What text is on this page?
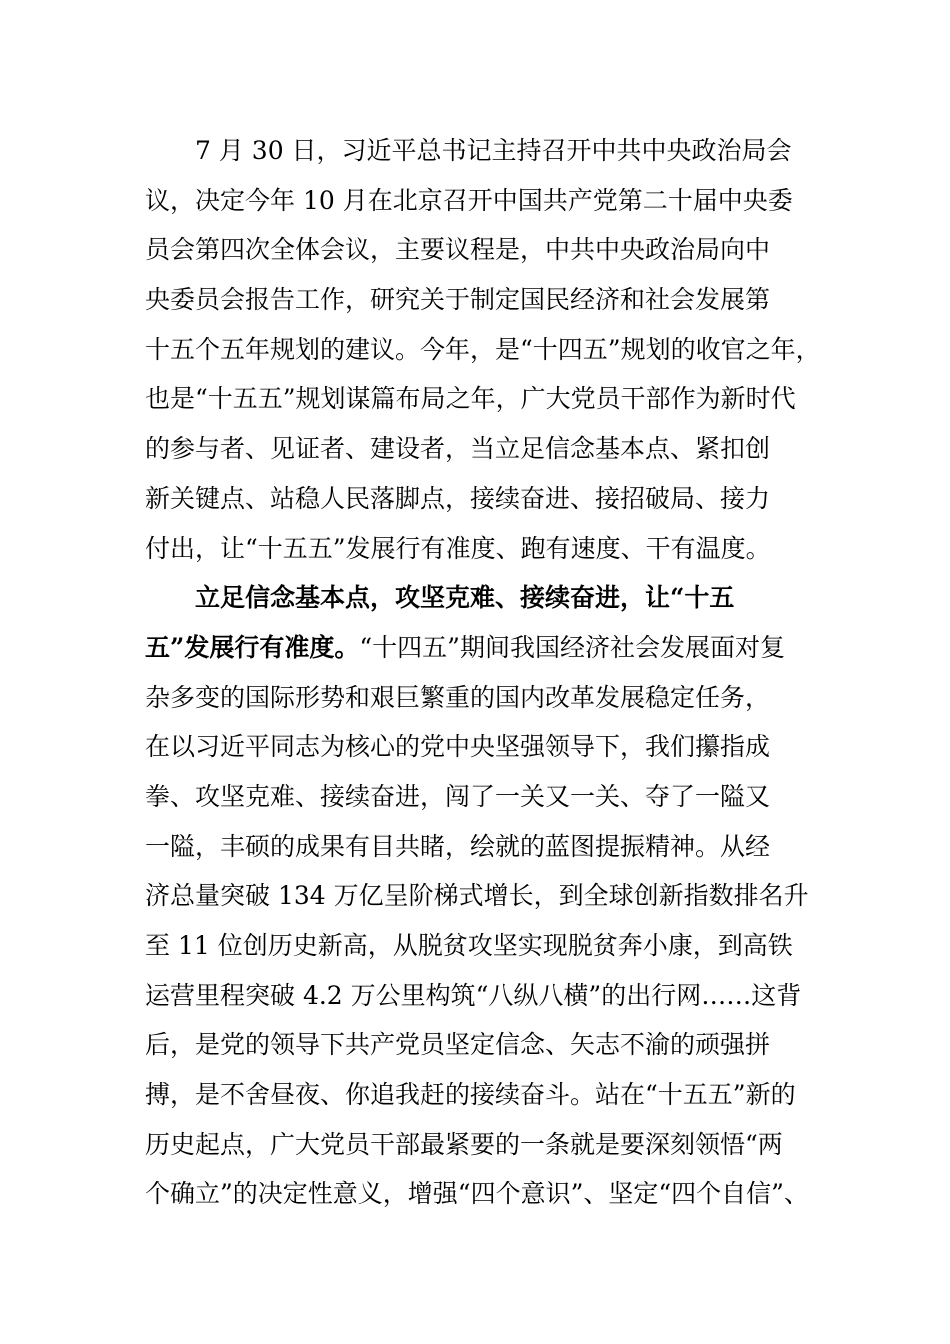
7 月 30 日，习近平总书记主持召开中共中央政治局会
议，决定今年 10 月在北京召开中国共产党第二十届中央委
员会第四次全体会议，主要议程是，中共中央政治局向中
央委员会报告工作，研究关于制定国民经济和社会发展第
十五个五年规划的建议。今年，是“十四五”规划的收官之年，
也是“十五五”规划谋篇布局之年，广大党员干部作为新时代
的参与者、见证者、建设者，当立足信念基本点、紧扣创
新关键点、站稳人民落脚点，接续奋进、接招破局、接力
付出，让“十五五”发展行有准度、跑有速度、干有温度。
立足信念基本点，攻坚克难、接续奋进，让“十五
五”发展行有准度。“十四五”期间我国经济社会发展面对复
杂多变的国际形势和艰巨繁重的国内改革发展稳定任务，
在以习近平同志为核心的党中央坚强领导下，我们攥指成
拳、攻坚克难、接续奋进，闯了一关又一关、夺了一隘又
一隘，丰硕的成果有目共睹，绘就的蓝图提振精神。从经
济总量突破 134 万亿呈阶梯式增长，到全球创新指数排名升
至 11 位创历史新高，从脱贫攻坚实现脱贫奔小康，到高铁
运营里程突破 4.2 万公里构筑“八纵八横”的出行网……这背
后，是党的领导下共产党员坚定信念、矢志不渝的顽强拼
搏，是不舍昼夜、你追我赶的接续奋斗。站在“十五五”新的
历史起点，广大党员干部最紧要的一条就是要深刻领悟“两
个确立”的决定性意义，增强“四个意识”、坚定“四个自信”、
